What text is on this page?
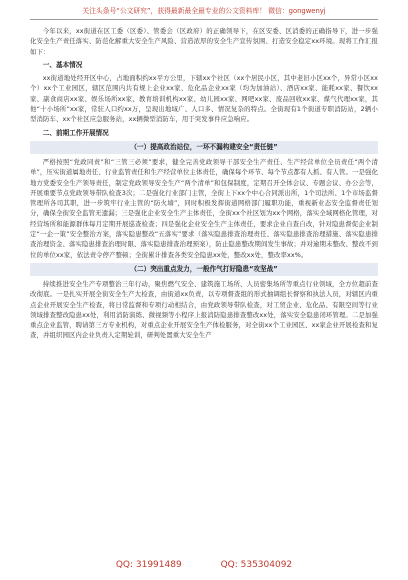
关注头条号“公文研究”，获得最新最全最专业的公文资料库！ 微信：gongwenyj

今年以来，xx街道在区工委（区委）、管委会（区政府）的正确领导下，在区安委、区消委的正确指导下，进一步强化安全生产责任落实、防范化解重大安全生产风险、营造浓厚的安全生产宣传氛围、打造安全稳定xx环境。现将工作汇报如下：

一、基本情况

xx街道地处经开区中心，占地面积约xx平方公里，下辖xx个社区（xx个居民小区，其中老旧小区xx个，异常小区xx个）xx个工业园区，辖区范围内共有规上企业xx家、危化品企业xx家（均为加油站）、酒店xx家、能耗xx家、餐饮xx家、副食商店xx家、娱乐场所xx家、教育培训机构xx家、幼儿园xx家、网吧xx家、废品回收xx家、煤气代理xx家，其他“十小场所”xx家，常驻人口约xx万，呈现出地域广、人口多、情况复杂的特点。全街现有1个街道专职消防站，2辆小型消防车、xx个社区应急服务站，xx辆微型消防车，用于突发事件应急响应。

二、前期工作开展情况
（一）提高政治站位，一环不漏构建安全“责任链”

严格按照“党政同责”和“三管三必须”要求，健全完善党政领导干部安全生产责任、生产经营单位全员责任“两个清单”，压实街道属地责任、行业监管责任和生产经营单位主体责任，确保每个环节、每个节点都有人抓、有人管。一是强化地方党委安全生产领导责任，制定党政领导安全生产“两个清单”和包保制度，定期召开全体会议、专题会议、办公会等，开展重要节点党政领导带队检查3次；二是强化行业部门主管，全街上下xx个中心合同派出所，1个司法所、1个市场监督管理所各司其职，进一步筑牢行业主管的“防火墙”，同时积极发挥街道网格部门履职功能，重视新业态安全监督责任划分，确保全街安全监管无遗漏；三是强化企业安全生产主体责任，全街xx个社区划为xx个网格，落实全域网格化管理，对经营场所和能源群体每月定期开展巡查检查；四是强化企业安全生产主体责任，要求企业自查自改，针对隐患督促企业制定“一企一策”安全整治方案，落实隐患整改“五落实”要求（落实隐患排查治理责任、落实隐患排查治理措施、落实隐患排查治理资金、落实隐患排查治理时限、落实隐患排查治理预案），防止隐患整改期间发生事故；并对逾期未整改、整改不到位的单位xx家，依法责令停产整顿；全街累计排查各类安全隐患xx处，整改xx处，整改率xx%。

（二）突出重点发力，一般作气打好隐患“攻坚战”

持续推进安全生产专项整治三年行动，聚焦燃气安全、建筑施工场所、人员密集场所等重点行业领域，全方位超前查改彻底。一是扎实开展全街安全生产大检查，由街道xx负责，以专项督查组的形式抽调组长督察和执法人员，对辖区内重点企业开展安全生产检查，将日常监督和专项行动相结合，由党政领导带队检查，对工贸企业、危化品、有限空间等行业领域排查整改隐患xx处，利用消防演练、微视频等小程序上报消防隐患排查整改xx处，落实安全隐患闭环管理。二是加强重点企业监管，聘请第三方专业机构，对重点企业开展安全生产体检服务，对全街xx个工业园区、xx家企业开展检查和复查，并组织园区内企业负责人定期轮训，研判处置重大安全生产

QQ: 31991489	QQ: 535304092
